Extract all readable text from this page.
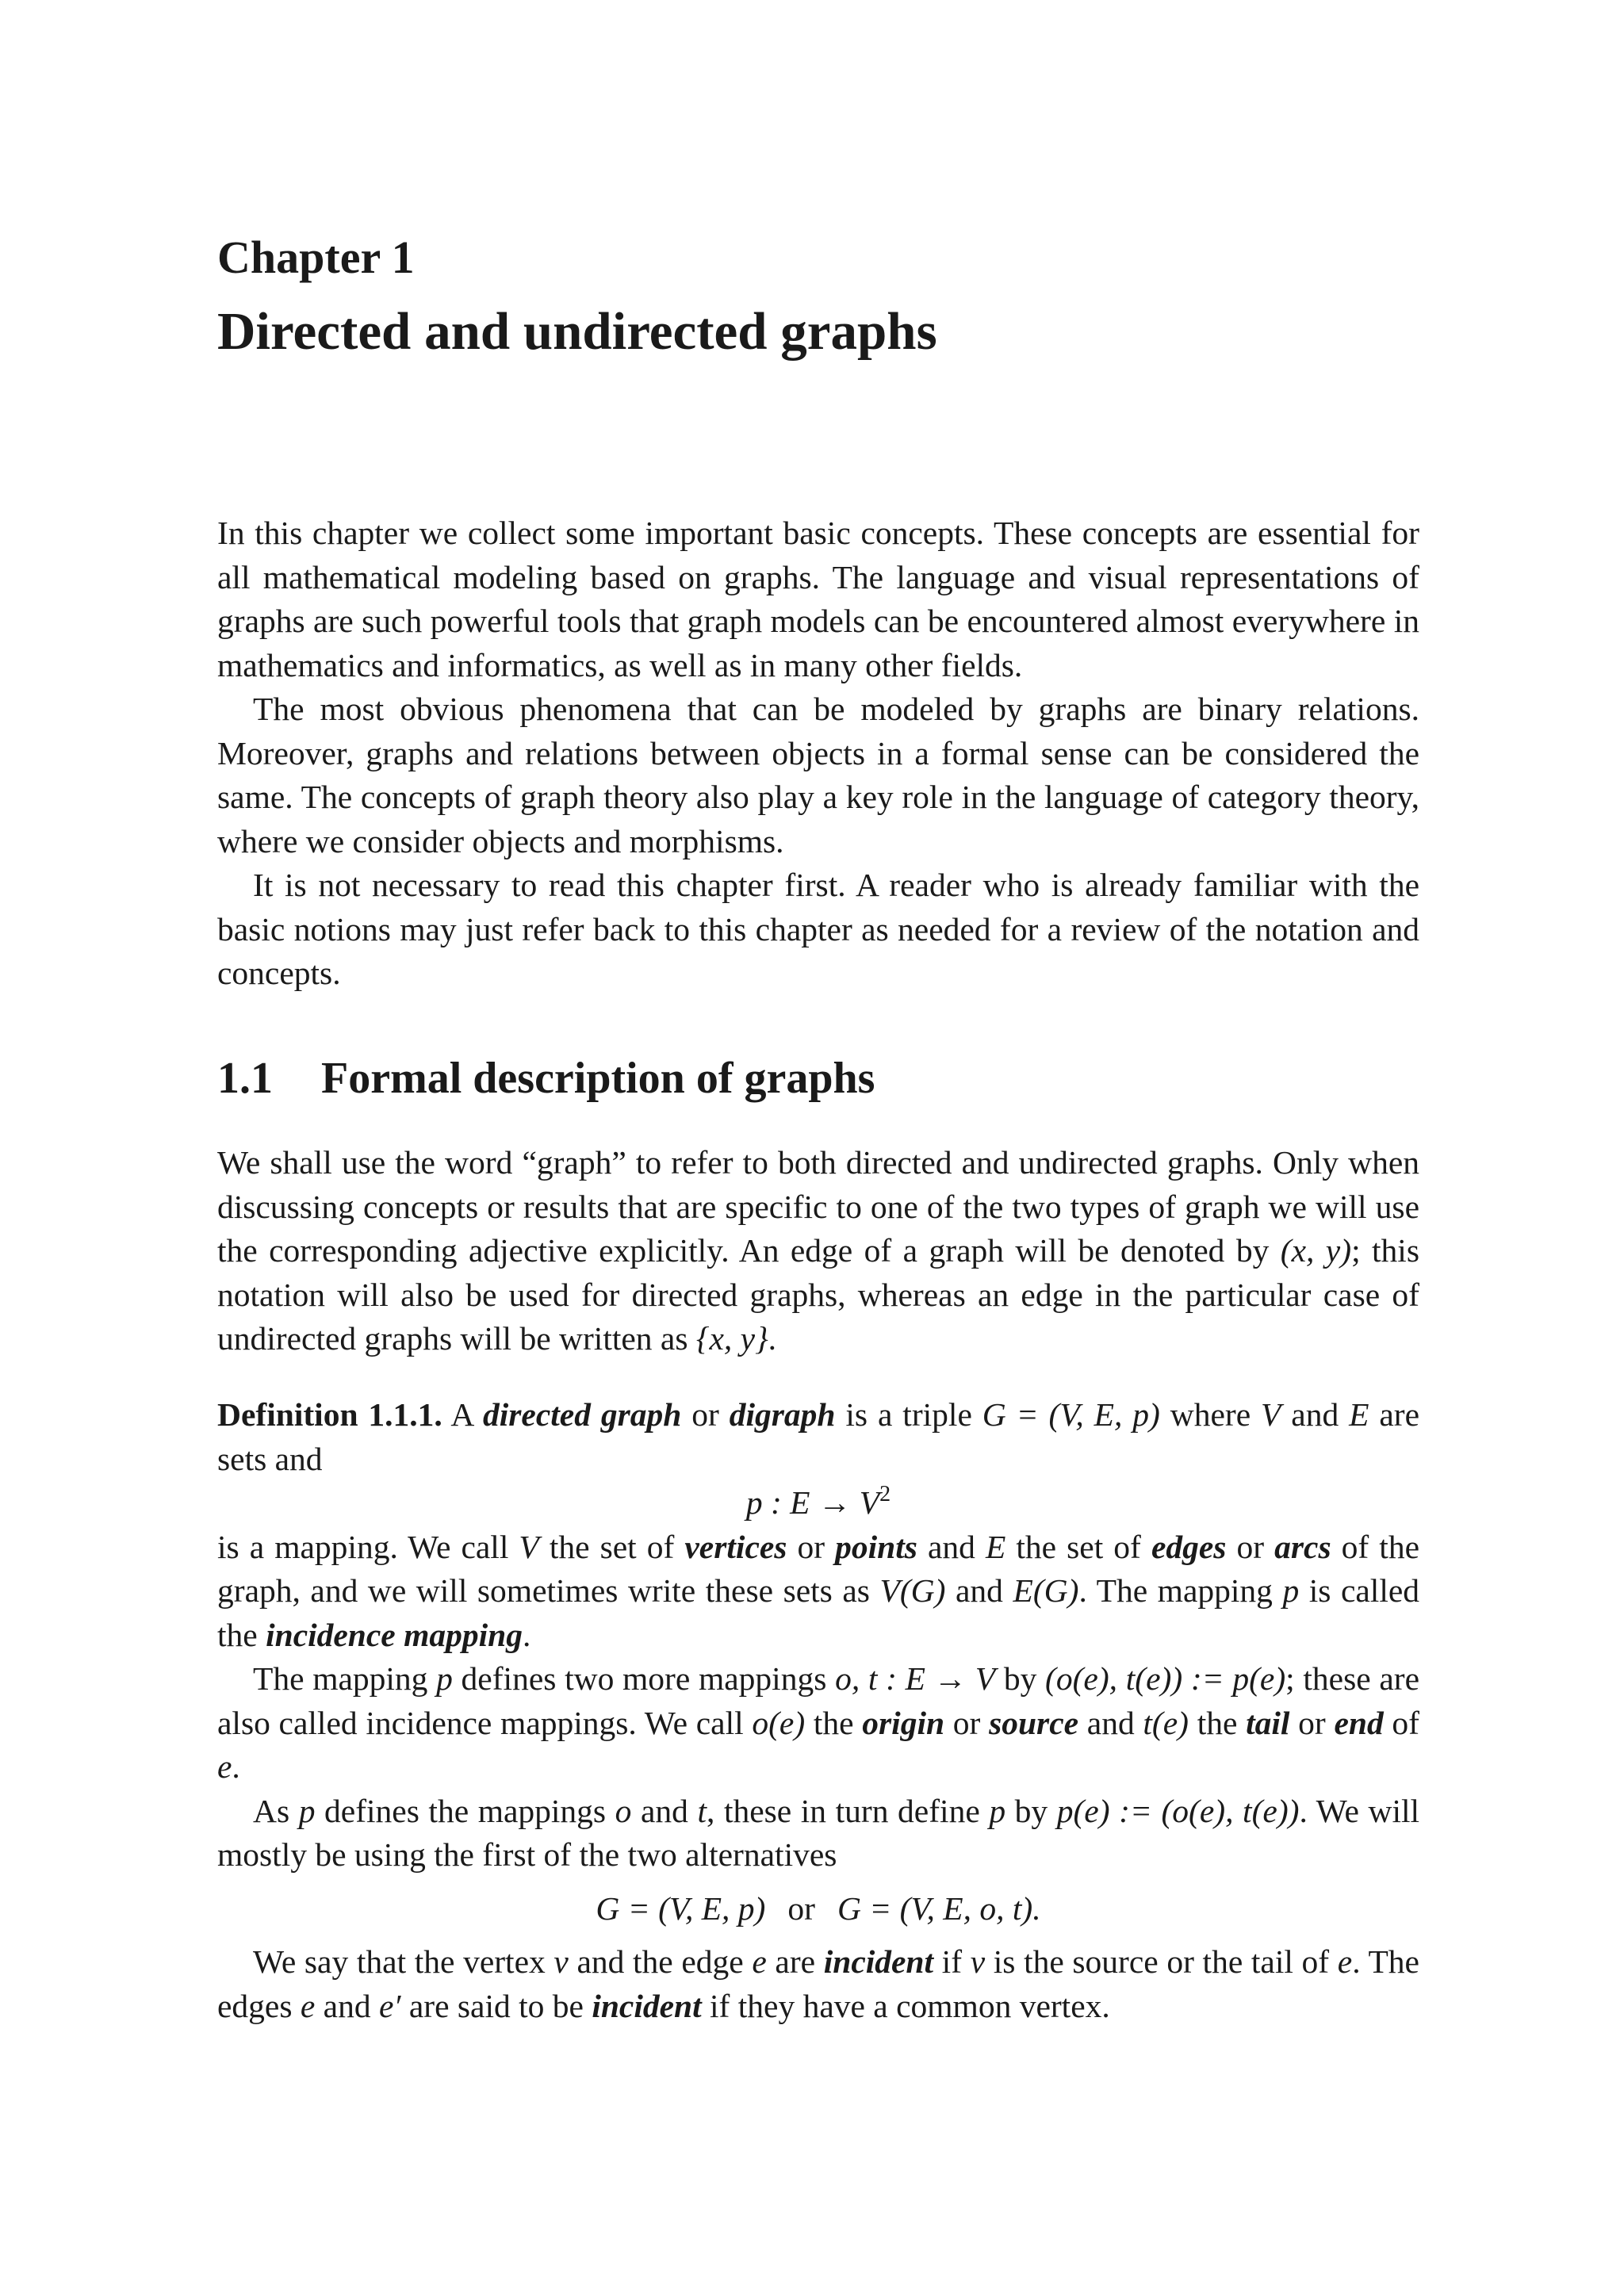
Chapter 1
Directed and undirected graphs

In this chapter we collect some important basic concepts. These concepts are essential for all mathematical modeling based on graphs. The language and visual representations of graphs are such powerful tools that graph models can be encountered almost everywhere in mathematics and informatics, as well as in many other fields.

The most obvious phenomena that can be modeled by graphs are binary relations. Moreover, graphs and relations between objects in a formal sense can be considered the same. The concepts of graph theory also play a key role in the language of category theory, where we consider objects and morphisms.

It is not necessary to read this chapter first. A reader who is already familiar with the basic notions may just refer back to this chapter as needed for a review of the notation and concepts.

1.1 Formal description of graphs

We shall use the word “graph” to refer to both directed and undirected graphs. Only when discussing concepts or results that are specific to one of the two types of graph we will use the corresponding adjective explicitly. An edge of a graph will be denoted by (x, y); this notation will also be used for directed graphs, whereas an edge in the particular case of undirected graphs will be written as {x, y}.

Definition 1.1.1. A directed graph or digraph is a triple G = (V, E, p) where V and E are sets and

p : $E \to V^2$

is a mapping. We call V the set of vertices or points and E the set of edges or arcs of the graph, and we will sometimes write these sets as V(G) and E(G). The mapping p is called the incidence mapping.

The mapping p defines two more mappings o, t : E → V by (o(e), t(e)) := p(e); these are also called incidence mappings. We call o(e) the origin or source and t(e) the tail or end of e.

As p defines the mappings o and t, these in turn define p by p(e) := (o(e), t(e)). We will mostly be using the first of the two alternatives

G = (V, E, p) or G = (V, E, o, t).

We say that the vertex v and the edge e are incident if v is the source or the tail of e. The edges e and e′ are said to be incident if they have a common vertex.
